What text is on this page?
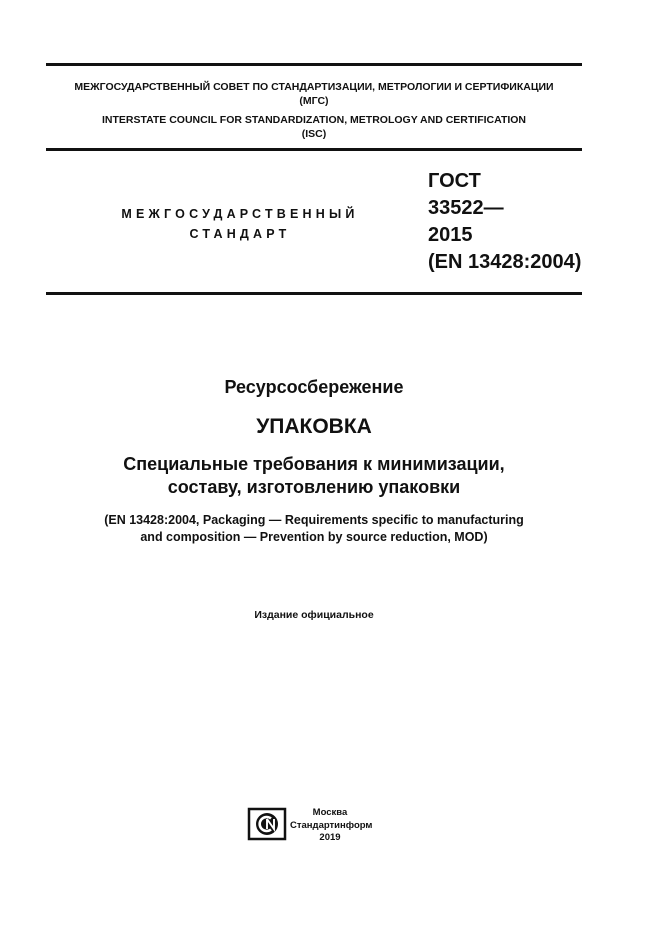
МЕЖГОСУДАРСТВЕННЫЙ СОВЕТ ПО СТАНДАРТИЗАЦИИ, МЕТРОЛОГИИ И СЕРТИФИКАЦИИ
(МГС)
INTERSTATE COUNCIL FOR STANDARDIZATION, METROLOGY AND CERTIFICATION
(ISC)
МЕЖГОСУДАРСТВЕННЫЙ
СТАНДАРТ
ГОСТ
33522—
2015
(EN 13428:2004)
Ресурсосбережение
УПАКОВКА
Специальные требования к минимизации,
составу, изготовлению упаковки
(EN 13428:2004, Packaging — Requirements specific to manufacturing
and composition — Prevention by source reduction, MOD)
Издание официальное
Москва
Стандартинформ
2019
